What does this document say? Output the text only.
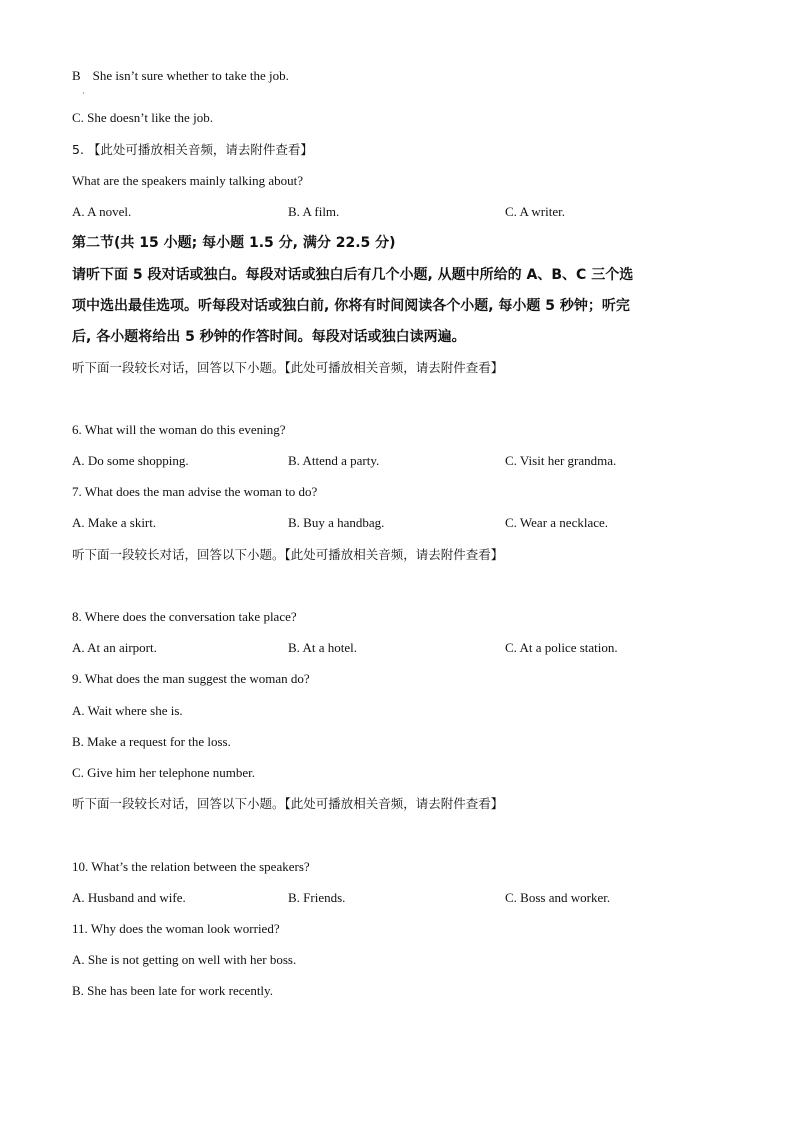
B She isn’t sure whether to take the job.
·
C. She doesn’t like the job.
5. 【此处可播放相关音频，请去附件查看】
What are the speakers mainly talking about?
A. A novel.	B. A film.	C. A writer.
第二节(共 15 小题; 每小题 1.5 分, 满分 22.5 分)
请听下面 5 段对话或独白。每段对话或独白后有几个小题, 从题中所给的 A、B、C 三个选
项中选出最佳选项。听每段对话或独白前, 你将有时间阅读各个小题, 每小题 5 秒钟；听完
后, 各小题将给出 5 秒钟的作答时间。每段对话或独白读两遍。
听下面一段较长对话，回答以下小题。【此处可播放相关音频，请去附件查看】
6. What will the woman do this evening?
A. Do some shopping.	B. Attend a party.	C. Visit her grandma.
7. What does the man advise the woman to do?
A. Make a skirt.	B. Buy a handbag.	C. Wear a necklace.
听下面一段较长对话，回答以下小题。【此处可播放相关音频，请去附件查看】
8. Where does the conversation take place?
A. At an airport.	B. At a hotel.	C. At a police station.
9. What does the man suggest the woman do?
A. Wait where she is.
B. Make a request for the loss.
C. Give him her telephone number.
听下面一段较长对话，回答以下小题。【此处可播放相关音频，请去附件查看】
10. What’s the relation between the speakers?
A. Husband and wife.	B. Friends.	C. Boss and worker.
11. Why does the woman look worried?
A. She is not getting on well with her boss.
B. She has been late for work recently.
